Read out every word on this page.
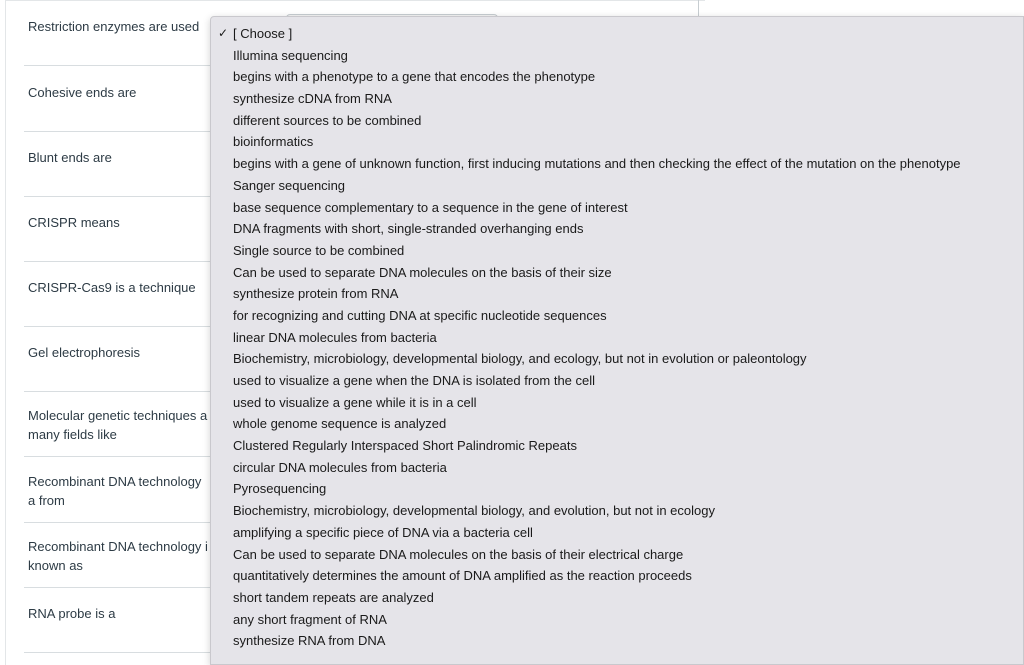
Restriction enzymes are used
Cohesive ends are
Blunt ends are
CRISPR means
CRISPR-Cas9 is a technique
Gel electrophoresis
Molecular genetic techniques a many fields like
Recombinant DNA technology a from
Recombinant DNA technology i known as
RNA probe is a
✓ [ Choose ]
Illumina sequencing
begins with a phenotype to a gene that encodes the phenotype
synthesize cDNA from RNA
different sources to be combined
bioinformatics
begins with a gene of unknown function, first inducing mutations and then checking the effect of the mutation on the phenotype
Sanger sequencing
base sequence complementary to a sequence in the gene of interest
DNA fragments with short, single-stranded overhanging ends
Single source to be combined
Can be used to separate DNA molecules on the basis of their size
synthesize protein from RNA
for recognizing and cutting DNA at specific nucleotide sequences
linear DNA molecules from bacteria
Biochemistry, microbiology, developmental biology, and ecology, but not in evolution or paleontology
used to visualize a gene when the DNA is isolated from the cell
used to visualize a gene while it is in a cell
whole genome sequence is analyzed
Clustered Regularly Interspaced Short Palindromic Repeats
circular DNA molecules from bacteria
Pyrosequencing
Biochemistry, microbiology, developmental biology, and evolution, but not in ecology
amplifying a specific piece of DNA via a bacteria cell
Can be used to separate DNA molecules on the basis of their electrical charge
quantitatively determines the amount of DNA amplified as the reaction proceeds
short tandem repeats are analyzed
any short fragment of RNA
synthesize RNA from DNA
